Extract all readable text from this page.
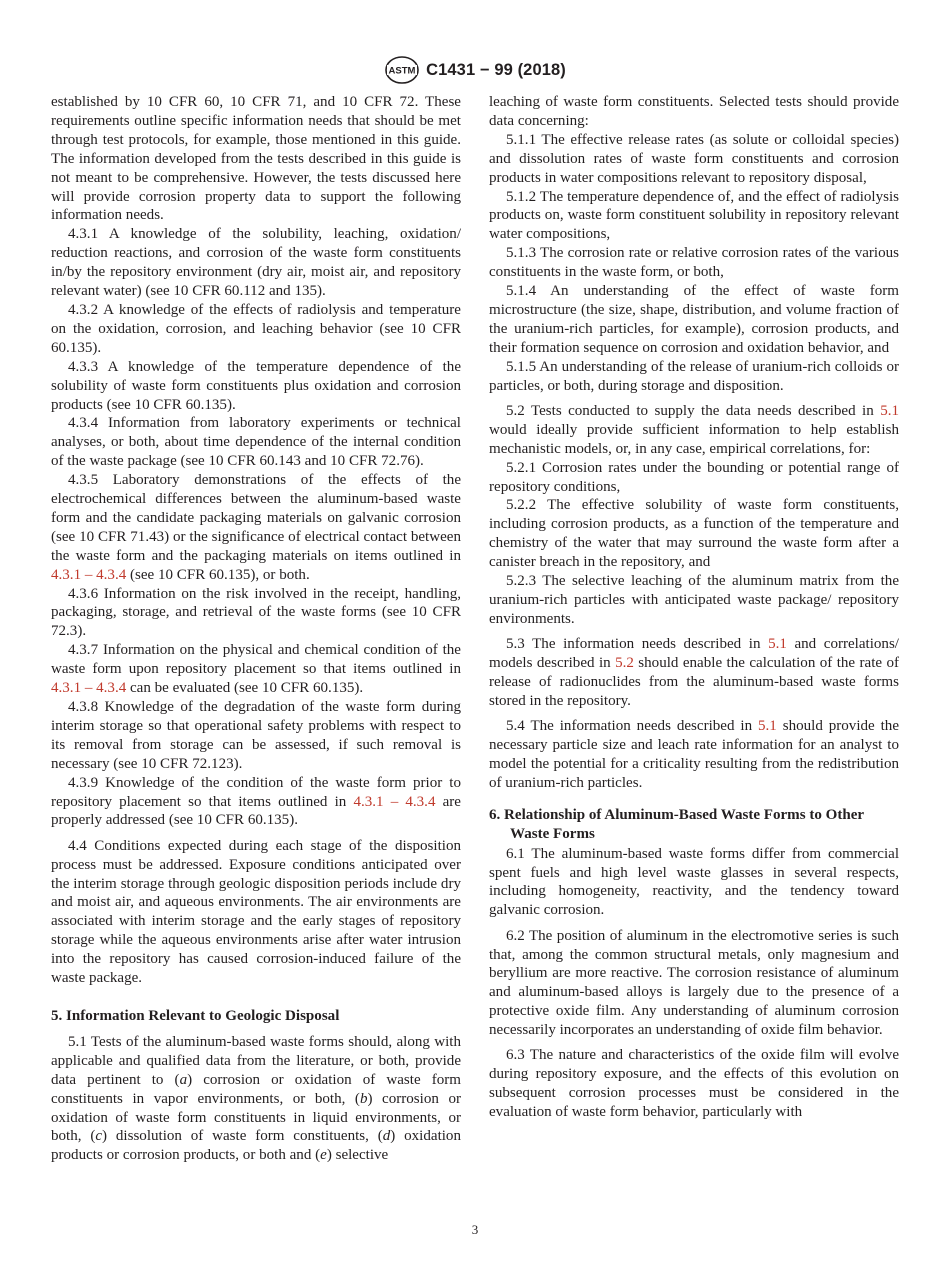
ASTM C1431 − 99 (2018)

established by 10 CFR 60, 10 CFR 71, and 10 CFR 72. These requirements outline specific information needs that should be met through test protocols, for example, those mentioned in this guide. The information developed from the tests described in this guide is not meant to be comprehensive. However, the tests discussed here will provide corrosion property data to support the following information needs.

4.3.1 A knowledge of the solubility, leaching, oxidation/ reduction reactions, and corrosion of the waste form constituents in/by the repository environment (dry air, moist air, and repository relevant water) (see 10 CFR 60.112 and 135).

4.3.2 A knowledge of the effects of radiolysis and temperature on the oxidation, corrosion, and leaching behavior (see 10 CFR 60.135).

4.3.3 A knowledge of the temperature dependence of the solubility of waste form constituents plus oxidation and corrosion products (see 10 CFR 60.135).

4.3.4 Information from laboratory experiments or technical analyses, or both, about time dependence of the internal condition of the waste package (see 10 CFR 60.143 and 10 CFR 72.76).

4.3.5 Laboratory demonstrations of the effects of the electrochemical differences between the aluminum-based waste form and the candidate packaging materials on galvanic corrosion (see 10 CFR 71.43) or the significance of electrical contact between the waste form and the packaging materials on items outlined in 4.3.1 – 4.3.4 (see 10 CFR 60.135), or both.

4.3.6 Information on the risk involved in the receipt, handling, packaging, storage, and retrieval of the waste forms (see 10 CFR 72.3).

4.3.7 Information on the physical and chemical condition of the waste form upon repository placement so that items outlined in 4.3.1 – 4.3.4 can be evaluated (see 10 CFR 60.135).

4.3.8 Knowledge of the degradation of the waste form during interim storage so that operational safety problems with respect to its removal from storage can be assessed, if such removal is necessary (see 10 CFR 72.123).

4.3.9 Knowledge of the condition of the waste form prior to repository placement so that items outlined in 4.3.1 – 4.3.4 are properly addressed (see 10 CFR 60.135).

4.4 Conditions expected during each stage of the disposition process must be addressed. Exposure conditions anticipated over the interim storage through geologic disposition periods include dry and moist air, and aqueous environments. The air environments are associated with interim storage and the early stages of repository storage while the aqueous environments arise after water intrusion into the repository has caused corrosion-induced failure of the waste package.

5. Information Relevant to Geologic Disposal

5.1 Tests of the aluminum-based waste forms should, along with applicable and qualified data from the literature, or both, provide data pertinent to (a) corrosion or oxidation of waste form constituents in vapor environments, or both, (b) corrosion or oxidation of waste form constituents in liquid environments, or both, (c) dissolution of waste form constituents, (d) oxidation products or corrosion products, or both and (e) selective

leaching of waste form constituents. Selected tests should provide data concerning:

5.1.1 The effective release rates (as solute or colloidal species) and dissolution rates of waste form constituents and corrosion products in water compositions relevant to repository disposal,

5.1.2 The temperature dependence of, and the effect of radiolysis products on, waste form constituent solubility in repository relevant water compositions,

5.1.3 The corrosion rate or relative corrosion rates of the various constituents in the waste form, or both,

5.1.4 An understanding of the effect of waste form microstructure (the size, shape, distribution, and volume fraction of the uranium-rich particles, for example), corrosion products, and their formation sequence on corrosion and oxidation behavior, and

5.1.5 An understanding of the release of uranium-rich colloids or particles, or both, during storage and disposition.

5.2 Tests conducted to supply the data needs described in 5.1 would ideally provide sufficient information to help establish mechanistic models, or, in any case, empirical correlations, for:

5.2.1 Corrosion rates under the bounding or potential range of repository conditions,

5.2.2 The effective solubility of waste form constituents, including corrosion products, as a function of the temperature and chemistry of the water that may surround the waste form after a canister breach in the repository, and

5.2.3 The selective leaching of the aluminum matrix from the uranium-rich particles with anticipated waste package/ repository environments.

5.3 The information needs described in 5.1 and correlations/ models described in 5.2 should enable the calculation of the rate of release of radionuclides from the aluminum-based waste forms stored in the repository.

5.4 The information needs described in 5.1 should provide the necessary particle size and leach rate information for an analyst to model the potential for a criticality resulting from the redistribution of uranium-rich particles.

6. Relationship of Aluminum-Based Waste Forms to Other Waste Forms

6.1 The aluminum-based waste forms differ from commercial spent fuels and high level waste glasses in several respects, including homogeneity, reactivity, and the tendency toward galvanic corrosion.

6.2 The position of aluminum in the electromotive series is such that, among the common structural metals, only magnesium and beryllium are more reactive. The corrosion resistance of aluminum and aluminum-based alloys is largely due to the presence of a protective oxide film. Any understanding of aluminum corrosion necessarily incorporates an understanding of oxide film behavior.

6.3 The nature and characteristics of the oxide film will evolve during repository exposure, and the effects of this evolution on subsequent corrosion processes must be considered in the evaluation of waste form behavior, particularly with

3
